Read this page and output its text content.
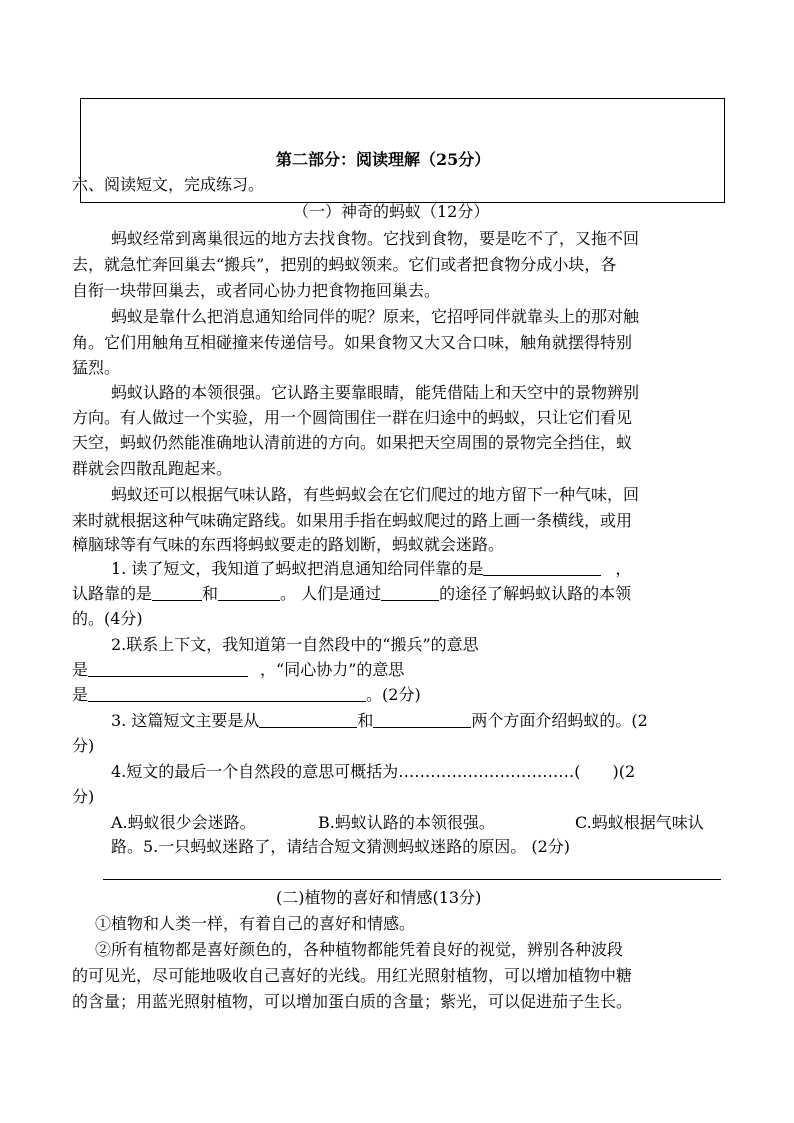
第二部分：阅读理解（25分）
六、阅读短文，完成练习。
（一）神奇的蚂蚁（12分）
蚂蚁经常到离巢很远的地方去找食物。它找到食物，要是吃不了，又拖不回
去，就急忙奔回巢去“搬兵”，把别的蚂蚁领来。它们或者把食物分成小块，各
自衔一块带回巢去，或者同心协力把食物拖回巢去。
蚂蚁是靠什么把消息通知给同伴的呢？原来，它招呼同伴就靠头上的那对触
角。它们用触角互相碰撞来传递信号。如果食物又大又合口味，触角就摆得特别
猛烈。
蚂蚁认路的本领很强。它认路主要靠眼睛，能凭借陆上和天空中的景物辨别
方向。有人做过一个实验，用一个圆筒围住一群在归途中的蚂蚁，只让它们看见
天空，蚂蚁仍然能准确地认清前进的方向。如果把天空周围的景物完全挡住，蚁
群就会四散乱跑起来。
蚂蚁还可以根据气味认路，有些蚂蚁会在它们爬过的地方留下一种气味，回
来时就根据这种气味确定路线。如果用手指在蚂蚁爬过的路上画一条横线，或用
樟脑球等有气味的东西将蚂蚁要走的路划断，蚂蚁就会迷路。
1. 读了短文，我知道了蚂蚁把消息通知给同伴靠的是	，
认路靠的是	和	。 人们是通过	的途径了解蚂蚁认路的本领
的。(4分)
2.联系上下文，我知道第一自然段中的“搬兵”的意思
是	，“同心协力”的意思
是	。(2分)
3. 这篇短文主要是从	和	两个方面介绍蚂蚁的。(2
分)
4.短文的最后一个自然段的意思可概括为……………………………(　　)(2
分)
A.蚂蚁很少会迷路。	B.蚂蚁认路的本领很强。	C.蚂蚁根据气味认
路。5.一只蚂蚁迷路了，请结合短文猜测蚂蚁迷路的原因。 (2分)
(二)植物的喜好和情感(13分)
①植物和人类一样，有着自己的喜好和情感。
②所有植物都是喜好颜色的，各种植物都能凭着良好的视觉，辨别各种波段
的可见光，尽可能地吸收自己喜好的光线。用红光照射植物，可以增加植物中糖
的含量；用蓝光照射植物，可以增加蛋白质的含量；紫光，可以促进茄子生长。
